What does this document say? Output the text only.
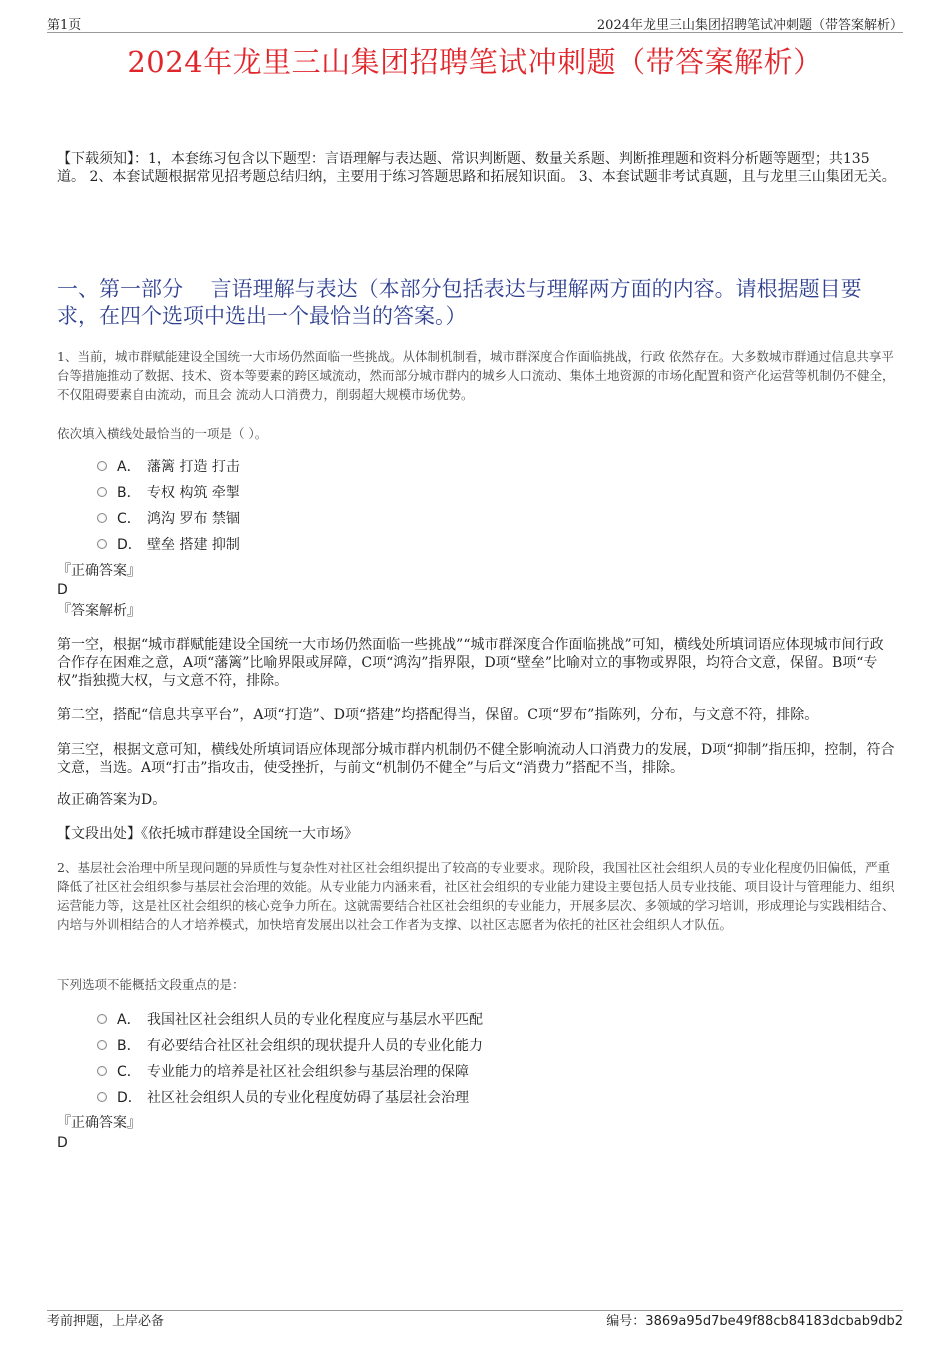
第1页	2024年龙里三山集团招聘笔试冲刺题（带答案解析）
2024年龙里三山集团招聘笔试冲刺题（带答案解析）
【下载须知】：1，本套练习包含以下题型：言语理解与表达题、常识判断题、数量关系题、判断推理题和资料分析题等题型；共135道。 2、本套试题根据常见招考题总结归纳，主要用于练习答题思路和拓展知识面。 3、本套试题非考试真题，且与龙里三山集团无关。
一、第一部分　 言语理解与表达（本部分包括表达与理解两方面的内容。请根据题目要求，在四个选项中选出一个最恰当的答案。）
1、当前，城市群赋能建设全国统一大市场仍然面临一些挑战。从体制机制看，城市群深度合作面临挑战，行政 依然存在。大多数城市群通过信息共享平台等措施推动了数据、技术、资本等要素的跨区域流动，然而部分城市群内的城乡人口流动、集体土地资源的市场化配置和资产化运营等机制仍不健全，不仅阻碍要素自由流动，而且会 流动人口消费力，削弱超大规模市场优势。
依次填入横线处最恰当的一项是（ ）。
A． 藩篱 打造 打击
B． 专权 构筑 牵掣
C． 鸿沟 罗布 禁锢
D． 壁垒 搭建 抑制
『正确答案』
D
『答案解析』
第一空，根据“城市群赋能建设全国统一大市场仍然面临一些挑战”“城市群深度合作面临挑战”可知，横线处所填词语应体现城市间行政合作存在困难之意，A项“藩篱”比喻界限或屏障，C项“鸿沟”指界限，D项“壁垒”比喻对立的事物或界限，均符合文意，保留。B项“专权”指独揽大权，与文意不符，排除。
第二空，搭配“信息共享平台”，A项“打造”、D项“搭建”均搭配得当，保留。C项“罗布”指陈列，分布，与文意不符，排除。
第三空，根据文意可知，横线处所填词语应体现部分城市群内机制仍不健全影响流动人口消费力的发展，D项“抑制”指压抑，控制，符合文意，当选。A项“打击”指攻击，使受挫折，与前文“机制仍不健全”与后文“消费力”搭配不当，排除。
故正确答案为D。
【文段出处】《依托城市群建设全国统一大市场》
2、基层社会治理中所呈现问题的异质性与复杂性对社区社会组织提出了较高的专业要求。现阶段，我国社区社会组织人员的专业化程度仍旧偏低，严重降低了社区社会组织参与基层社会治理的效能。从专业能力内涵来看，社区社会组织的专业能力建设主要包括人员专业技能、项目设计与管理能力、组织运营能力等，这是社区社会组织的核心竞争力所在。这就需要结合社区社会组织的专业能力，开展多层次、多领域的学习培训，形成理论与实践相结合、内培与外训相结合的人才培养模式，加快培育发展出以社会工作者为支撑、以社区志愿者为依托的社区社会组织人才队伍。
下列选项不能概括文段重点的是：
A． 我国社区社会组织人员的专业化程度应与基层水平匹配
B． 有必要结合社区社会组织的现状提升人员的专业化能力
C． 专业能力的培养是社区社会组织参与基层治理的保障
D． 社区社会组织人员的专业化程度妨碍了基层社会治理
『正确答案』
D
考前押题，上岸必备	编号：3869a95d7be49f88cb84183dcbab9db2
